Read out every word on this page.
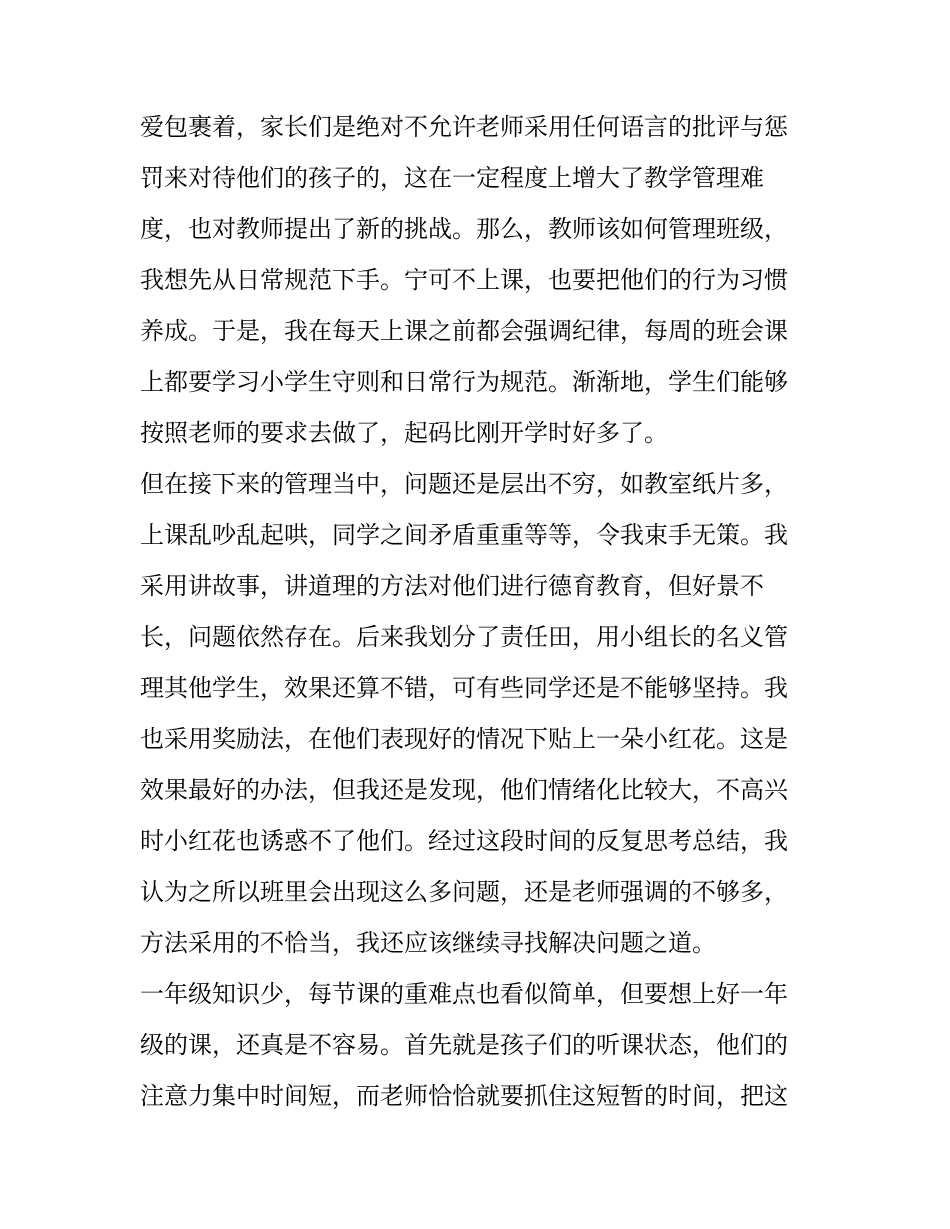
爱包裹着，家长们是绝对不允许老师采用任何语言的批评与惩
罚来对待他们的孩子的，这在一定程度上增大了教学管理难
度，也对教师提出了新的挑战。那么，教师该如何管理班级，
我想先从日常规范下手。宁可不上课，也要把他们的行为习惯
养成。于是，我在每天上课之前都会强调纪律，每周的班会课
上都要学习小学生守则和日常行为规范。渐渐地，学生们能够
按照老师的要求去做了，起码比刚开学时好多了。
但在接下来的管理当中，问题还是层出不穷，如教室纸片多，
上课乱吵乱起哄，同学之间矛盾重重等等，令我束手无策。我
采用讲故事，讲道理的方法对他们进行德育教育，但好景不
长，问题依然存在。后来我划分了责任田，用小组长的名义管
理其他学生，效果还算不错，可有些同学还是不能够坚持。我
也采用奖励法，在他们表现好的情况下贴上一朵小红花。这是
效果最好的办法，但我还是发现，他们情绪化比较大，不高兴
时小红花也诱惑不了他们。经过这段时间的反复思考总结，我
认为之所以班里会出现这么多问题，还是老师强调的不够多，
方法采用的不恰当，我还应该继续寻找解决问题之道。
一年级知识少，每节课的重难点也看似简单，但要想上好一年
级的课，还真是不容易。首先就是孩子们的听课状态，他们的
注意力集中时间短，而老师恰恰就要抓住这短暂的时间，把这
